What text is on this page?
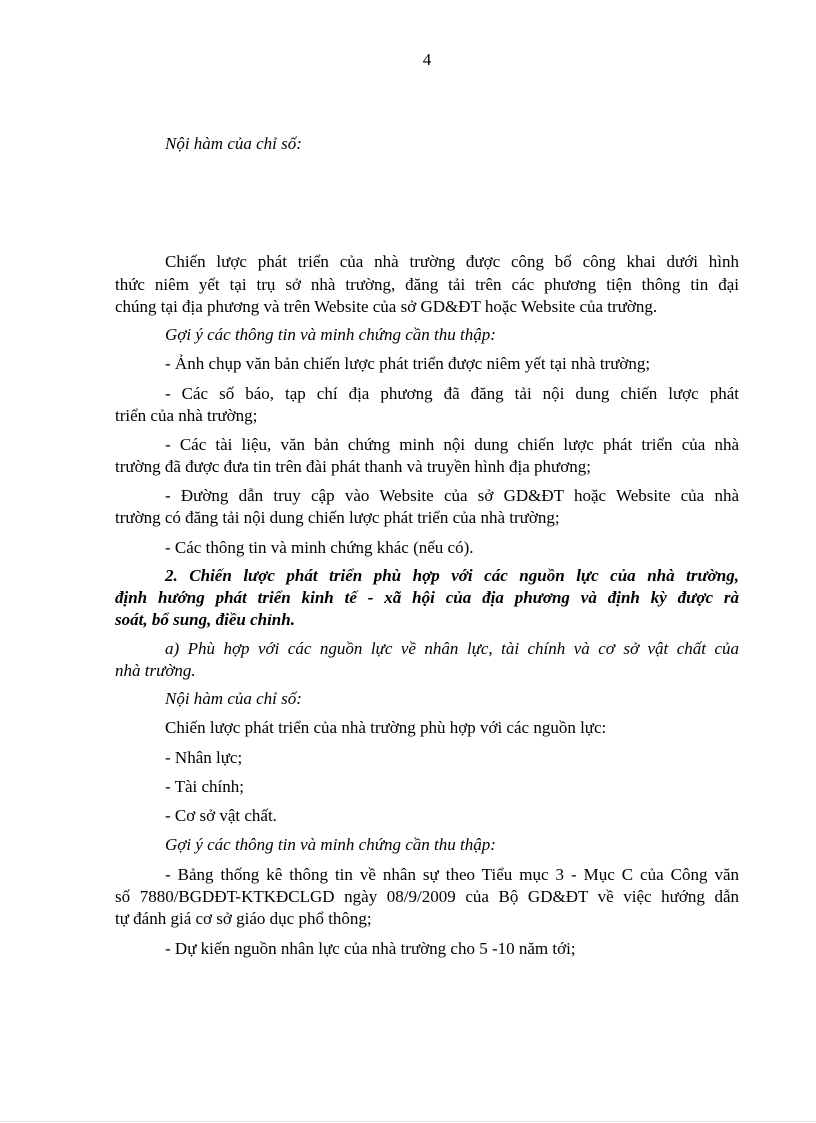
4
Nội hàm của chỉ số:
Chiến lược phát triển của nhà trường được công bố công khai dưới hình
thức niêm yết tại trụ sở nhà trường, đăng tải trên các phương tiện thông tin đại
chúng tại địa phương và trên Website của sở GD&ĐT hoặc Website của trường.
Gợi ý các thông tin và minh chứng cần thu thập:
- Ảnh chụp văn bản chiến lược phát triển được niêm yết tại nhà trường;
- Các số báo, tạp chí địa phương đã đăng tải nội dung chiến lược phát
triển của nhà trường;
- Các tài liệu, văn bản chứng minh nội dung chiến lược phát triển của nhà
trường đã được đưa tin trên đài phát thanh và truyền hình địa phương;
- Đường dẫn truy cập vào Website của sở GD&ĐT hoặc Website của nhà
trường có đăng tải nội dung chiến lược phát triển của nhà trường;
- Các thông tin và minh chứng khác (nếu có).
2. Chiến lược phát triển phù hợp với các nguồn lực của nhà trường,
định hướng phát triển kinh tế - xã hội của địa phương và định kỳ được rà
soát, bổ sung, điều chỉnh.
a) Phù hợp với các nguồn lực về nhân lực, tài chính và cơ sở vật chất của
nhà trường.
Nội hàm của chỉ số:
Chiến lược phát triển của nhà trường phù hợp với các nguồn lực:
- Nhân lực;
- Tài chính;
- Cơ sở vật chất.
Gợi ý các thông tin và minh chứng cần thu thập:
- Bảng thống kê thông tin về nhân sự theo Tiểu mục 3 - Mục C của Công văn
số 7880/BGDĐT-KTKĐCLGD ngày 08/9/2009 của Bộ GD&ĐT về việc hướng dẫn
tự đánh giá cơ sở giáo dục phổ thông;
- Dự kiến nguồn nhân lực của nhà trường cho 5 -10 năm tới;
